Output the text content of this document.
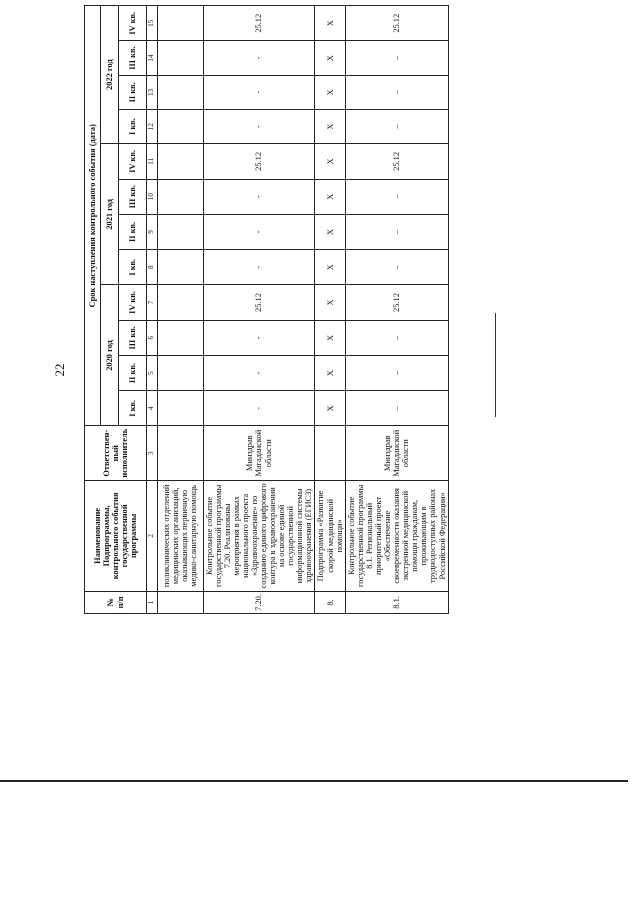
22
№ п/п	Наименование Подпрограммы, контрольного события государственной программы	Ответствен-ный исполнитель	Срок наступления контрольного события (дата)											
			2020 год				2021 год				2022 год			
			I кв.	II кв.	III кв.	IV кв.	I кв.	II кв.	III кв.	IV кв.	I кв.	II кв.	III кв.	IV кв.
1	2	3	4	5	6	7	8	9	10	11	12	13	14	15
	поликлинических отделений медицинских организаций, оказывающих первичную медико-санитарную помощь													
7.20.	Контрольное событие государственной программы 7.20. Реализованы мероприятия в рамках национального проекта «Здравоохранение» по созданию единого цифрового контура в здравоохранении на основе единой государственной информационной системы здравоохранения (ЕГИСЗ)	Минздрав Магаданской области	-	-	-	25.12	-	-	-	25.12	-	-	-	25.12
8.	Подпрограмма «Развитие скорой медицинской помощи»		Х	Х	Х	Х	Х	Х	Х	Х	Х	Х	Х	Х
8.1.	Контрольное событие государственной программы 8.1. Региональный приоритетный проект «Обеспечение своевременности оказания экстренной медицинской помощи гражданам, проживающим в труднодоступных районах Российской Федерации»	Минздрав Магаданской области	–	–	–	25.12	–	–	–	25.12	–	–	–	25.12
